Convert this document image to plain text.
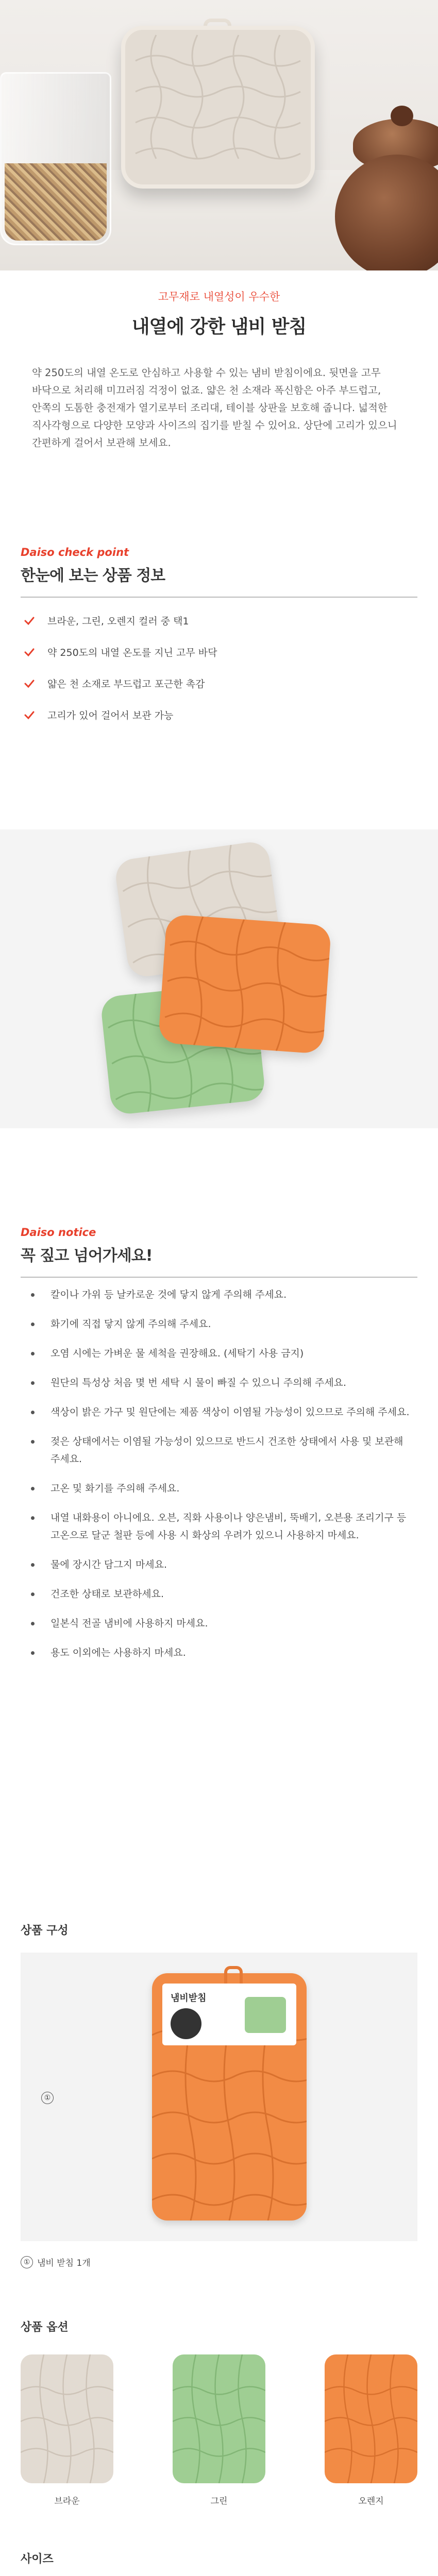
고무재로 내열성이 우수한
내열에 강한 냄비 받침
약 250도의 내열 온도로 안심하고 사용할 수 있는 냄비 받침이에요. 뒷면을 고무 바닥으로 처리해 미끄러짐 걱정이 없죠. 얇은 천 소재라 폭신함은 아주 부드럽고, 안쪽의 도톰한 충전재가 열기로부터 조리대, 테이블 상판을 보호해 줍니다. 넓적한 직사각형으로 다양한 모양과 사이즈의 집기를 받칠 수 있어요. 상단에 고리가 있으니 간편하게 걸어서 보관해 보세요.
Daiso check point
한눈에 보는 상품 정보
브라운, 그린, 오렌지 컬러 중 택1
약 250도의 내열 온도를 지닌 고무 바닥
얇은 천 소재로 부드럽고 포근한 촉감
고리가 있어 걸어서 보관 가능
Daiso notice
꼭 짚고 넘어가세요!
칼이나 가위 등 날카로운 것에 닿지 않게 주의해 주세요.
화기에 직접 닿지 않게 주의해 주세요.
오염 시에는 가벼운 물 세척을 권장해요. (세탁기 사용 금지)
원단의 특성상 처음 몇 번 세탁 시 물이 빠질 수 있으니 주의해 주세요.
색상이 밝은 가구 및 원단에는 제품 색상이 이염될 가능성이 있으므로 주의해 주세요.
젖은 상태에서는 이염될 가능성이 있으므로 반드시 건조한 상태에서 사용 및 보관해 주세요.
고온 및 화기를 주의해 주세요.
내열 내화용이 아니에요. 오븐, 직화 사용이나 양은냄비, 뚝배기, 오븐용 조리기구 등 고온으로 달군 철판 등에 사용 시 화상의 우려가 있으니 사용하지 마세요.
물에 장시간 담그지 마세요.
건조한 상태로 보관하세요.
일본식 전골 냄비에 사용하지 마세요.
용도 이외에는 사용하지 마세요.
상품 구성
①
냄비받침
① 냄비 받침 1개
상품 옵션
브라운	그린	오렌지
사이즈
